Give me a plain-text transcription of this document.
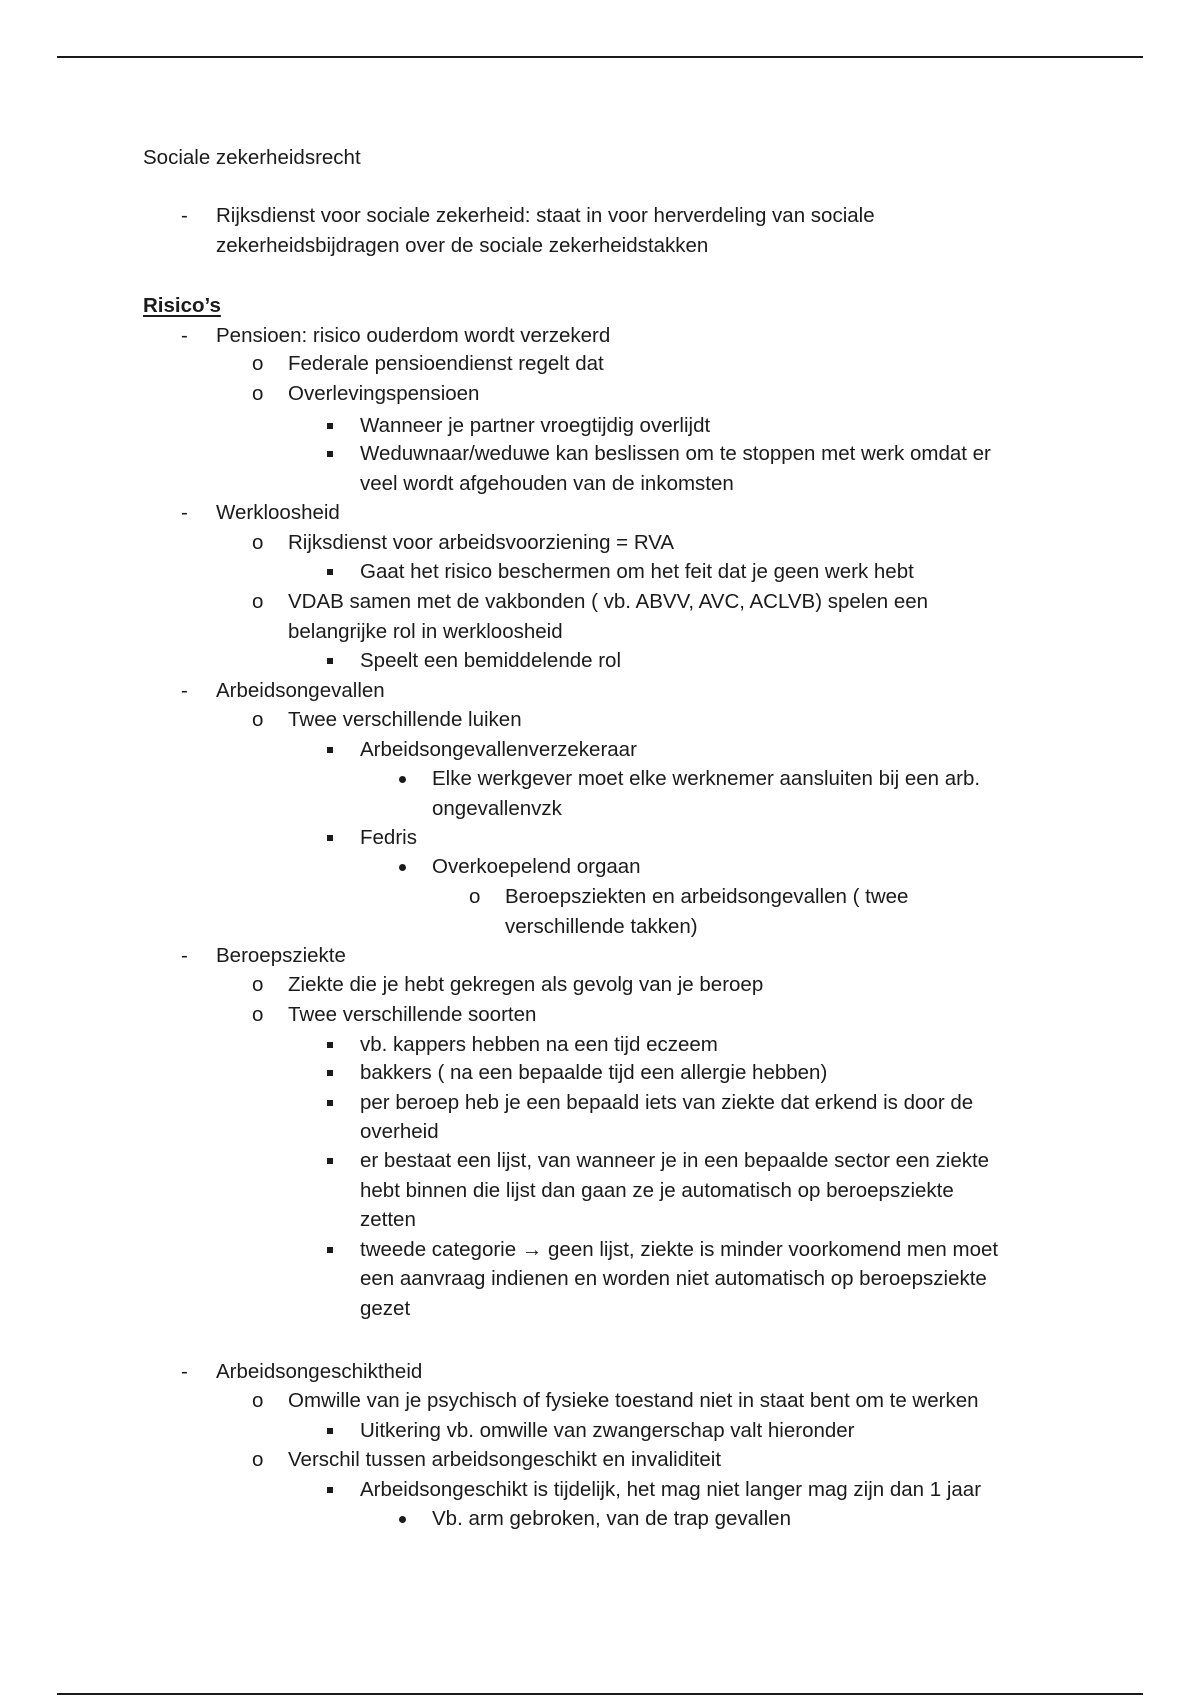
Sociale zekerheidsrecht
- Rijksdienst voor sociale zekerheid: staat in voor herverdeling van sociale
zekerheidsbijdragen over de sociale zekerheidstakken
Risico’s
- Pensioen: risico ouderdom wordt verzekerd
o Federale pensioendienst regelt dat
o Overlevingspensioen
Wanneer je partner vroegtijdig overlijdt
Weduwnaar/weduwe kan beslissen om te stoppen met werk omdat er
veel wordt afgehouden van de inkomsten
- Werkloosheid
o Rijksdienst voor arbeidsvoorziening = RVA
Gaat het risico beschermen om het feit dat je geen werk hebt
o VDAB samen met de vakbonden ( vb. ABVV, AVC, ACLVB) spelen een
belangrijke rol in werkloosheid
Speelt een bemiddelende rol
- Arbeidsongevallen
o Twee verschillende luiken
Arbeidsongevallenverzekeraar
Elke werkgever moet elke werknemer aansluiten bij een arb.
ongevallenvzk
Fedris
Overkoepelend orgaan
o Beroepsziekten en arbeidsongevallen ( twee
verschillende takken)
- Beroepsziekte
o Ziekte die je hebt gekregen als gevolg van je beroep
o Twee verschillende soorten
vb. kappers hebben na een tijd eczeem
bakkers ( na een bepaalde tijd een allergie hebben)
per beroep heb je een bepaald iets van ziekte dat erkend is door de
overheid
er bestaat een lijst, van wanneer je in een bepaalde sector een ziekte
hebt binnen die lijst dan gaan ze je automatisch op beroepsziekte
zetten
tweede categorie → geen lijst, ziekte is minder voorkomend men moet
een aanvraag indienen en worden niet automatisch op beroepsziekte
gezet
- Arbeidsongeschiktheid
o Omwille van je psychisch of fysieke toestand niet in staat bent om te werken
Uitkering vb. omwille van zwangerschap valt hieronder
o Verschil tussen arbeidsongeschikt en invaliditeit
Arbeidsongeschikt is tijdelijk, het mag niet langer mag zijn dan 1 jaar
Vb. arm gebroken, van de trap gevallen
